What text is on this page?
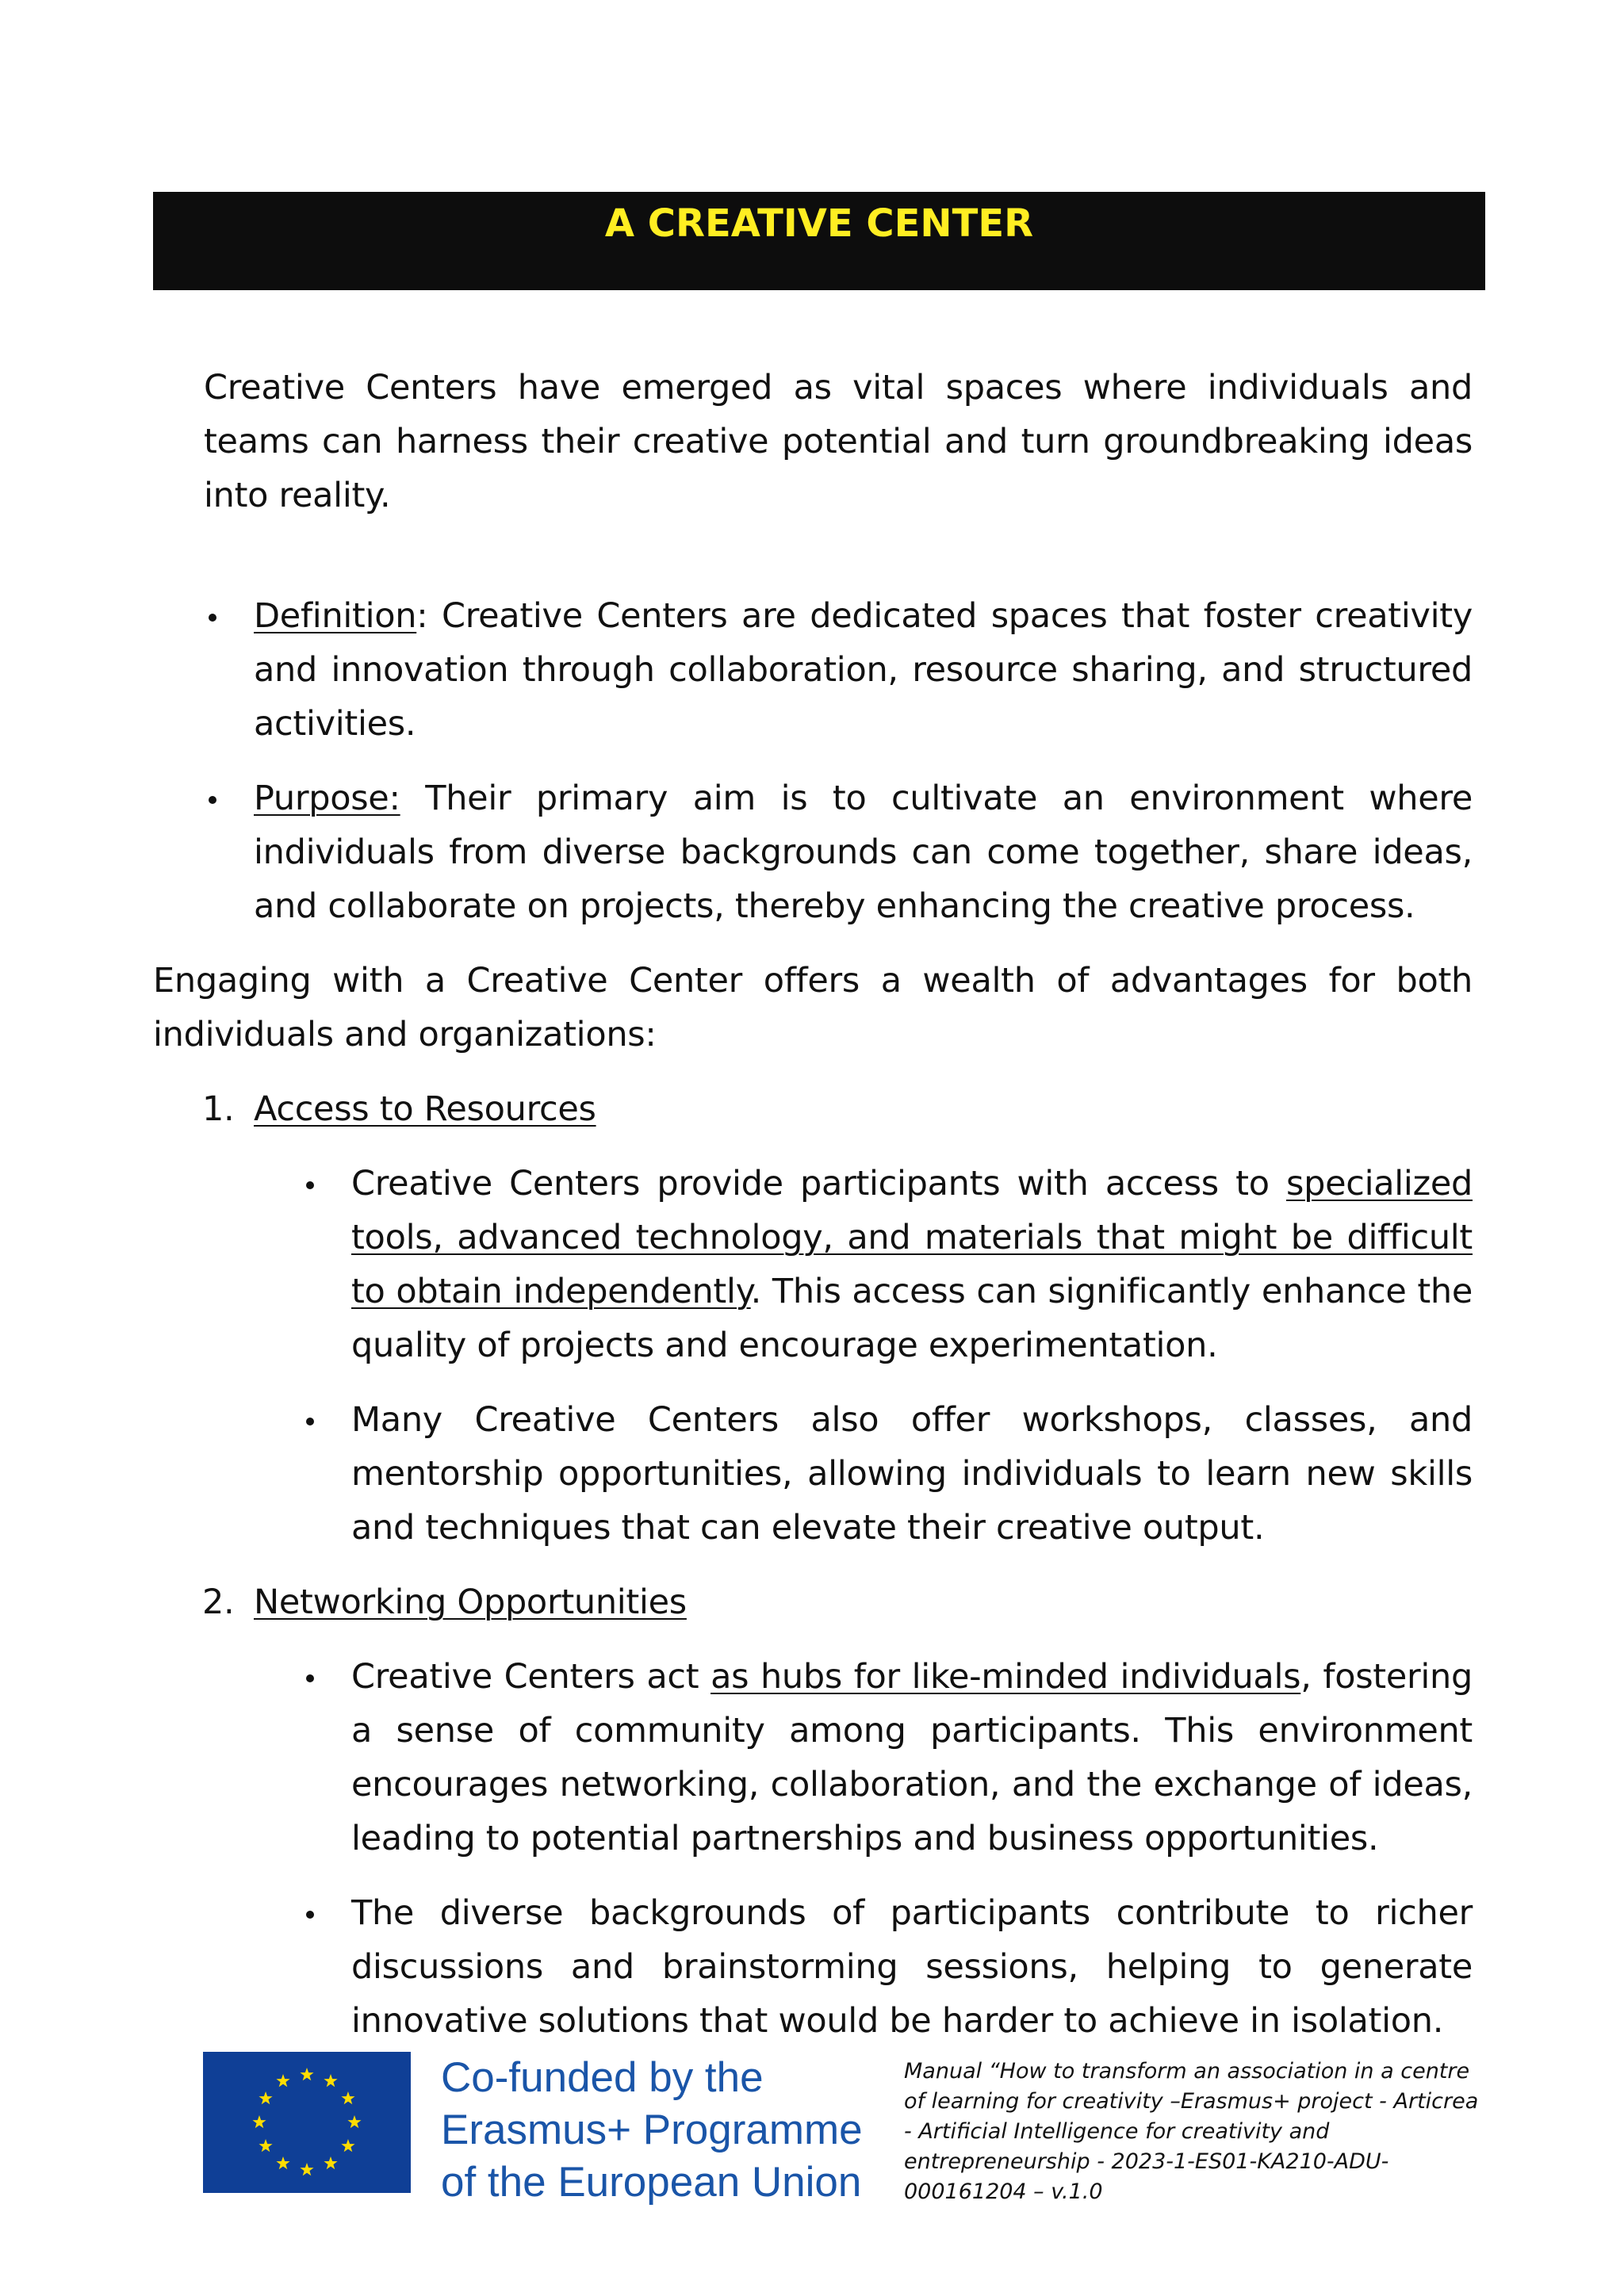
A CREATIVE CENTER

Creative Centers have emerged as vital spaces where individuals and teams can harness their creative potential and turn groundbreaking ideas into reality.

Definition: Creative Centers are dedicated spaces that foster creativity and innovation through collaboration, resource sharing, and structured activities.
Purpose: Their primary aim is to cultivate an environment where individuals from diverse backgrounds can come together, share ideas, and collaborate on projects, thereby enhancing the creative process.

Engaging with a Creative Center offers a wealth of advantages for both individuals and organizations:

1. Access to Resources
Creative Centers provide participants with access to specialized tools, advanced technology, and materials that might be difficult to obtain independently. This access can significantly enhance the quality of projects and encourage experimentation.
Many Creative Centers also offer workshops, classes, and mentorship opportunities, allowing individuals to learn new skills and techniques that can elevate their creative output.
2. Networking Opportunities
Creative Centers act as hubs for like-minded individuals, fostering a sense of community among participants. This environment encourages networking, collaboration, and the exchange of ideas, leading to potential partnerships and business opportunities.
The diverse backgrounds of participants contribute to richer discussions and brainstorming sessions, helping to generate innovative solutions that would be harder to achieve in isolation.
Co-funded by the
Erasmus+ Programme
of the European Union
Manual “How to transform an association in a centre of learning for creativity –Erasmus+ project - Articrea - Artificial Intelligence for creativity and entrepreneurship - 2023-1-ES01-KA210-ADU-000161204 – v.1.0
